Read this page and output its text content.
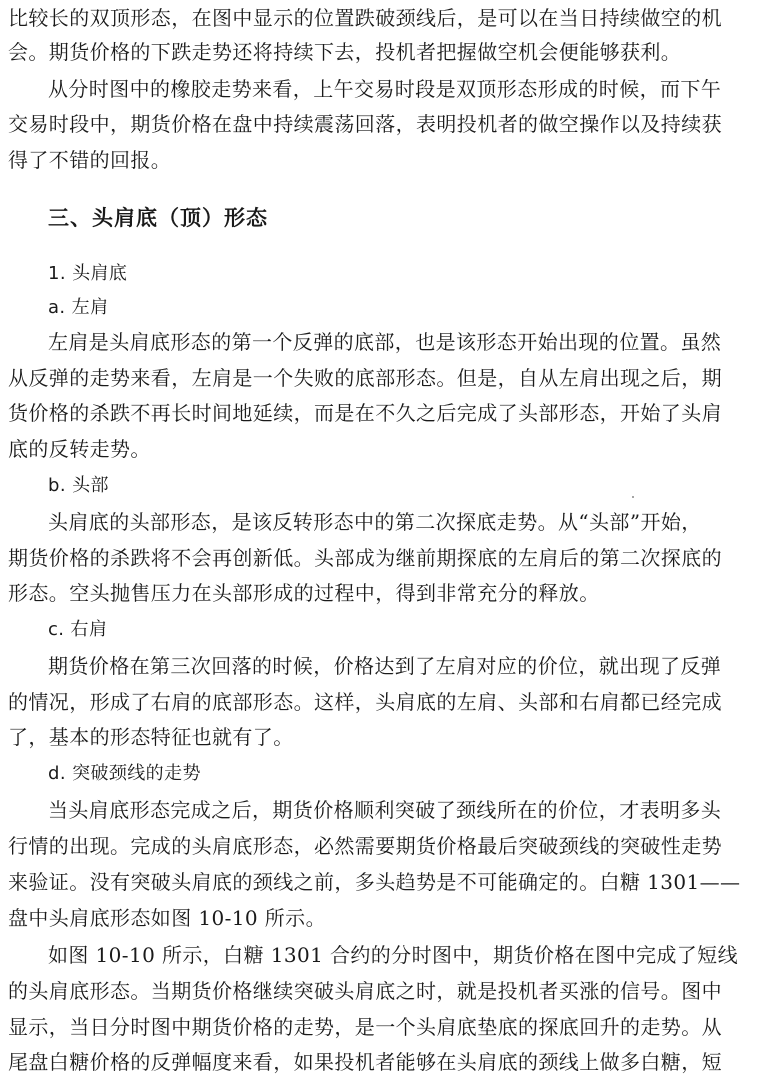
比较长的双顶形态，在图中显示的位置跌破颈线后，是可以在当日持续做空的机
会。期货价格的下跌走势还将持续下去，投机者把握做空机会便能够获利。
从分时图中的橡胶走势来看，上午交易时段是双顶形态形成的时候，而下午
交易时段中，期货价格在盘中持续震荡回落，表明投机者的做空操作以及持续获
得了不错的回报。
三、头肩底（顶）形态
1. 头肩底
a. 左肩
左肩是头肩底形态的第一个反弹的底部，也是该形态开始出现的位置。虽然
从反弹的走势来看，左肩是一个失败的底部形态。但是，自从左肩出现之后，期
货价格的杀跌不再长时间地延续，而是在不久之后完成了头部形态，开始了头肩
底的反转走势。
b. 头部
头肩底的头部形态，是该反转形态中的第二次探底走势。从“头部”开始，
期货价格的杀跌将不会再创新低。头部成为继前期探底的左肩后的第二次探底的
形态。空头抛售压力在头部形成的过程中，得到非常充分的释放。
c. 右肩
期货价格在第三次回落的时候，价格达到了左肩对应的价位，就出现了反弹
的情况，形成了右肩的底部形态。这样，头肩底的左肩、头部和右肩都已经完成
了，基本的形态特征也就有了。
d. 突破颈线的走势
当头肩底形态完成之后，期货价格顺利突破了颈线所在的价位，才表明多头
行情的出现。完成的头肩底形态，必然需要期货价格最后突破颈线的突破性走势
来验证。没有突破头肩底的颈线之前，多头趋势是不可能确定的。白糖 1301——
盘中头肩底形态如图 10-10 所示。
如图 10-10 所示，白糖 1301 合约的分时图中，期货价格在图中完成了短线
的头肩底形态。当期货价格继续突破头肩底之时，就是投机者买涨的信号。图中
显示，当日分时图中期货价格的走势，是一个头肩底垫底的探底回升的走势。从
尾盘白糖价格的反弹幅度来看，如果投机者能够在头肩底的颈线上做多白糖，短
